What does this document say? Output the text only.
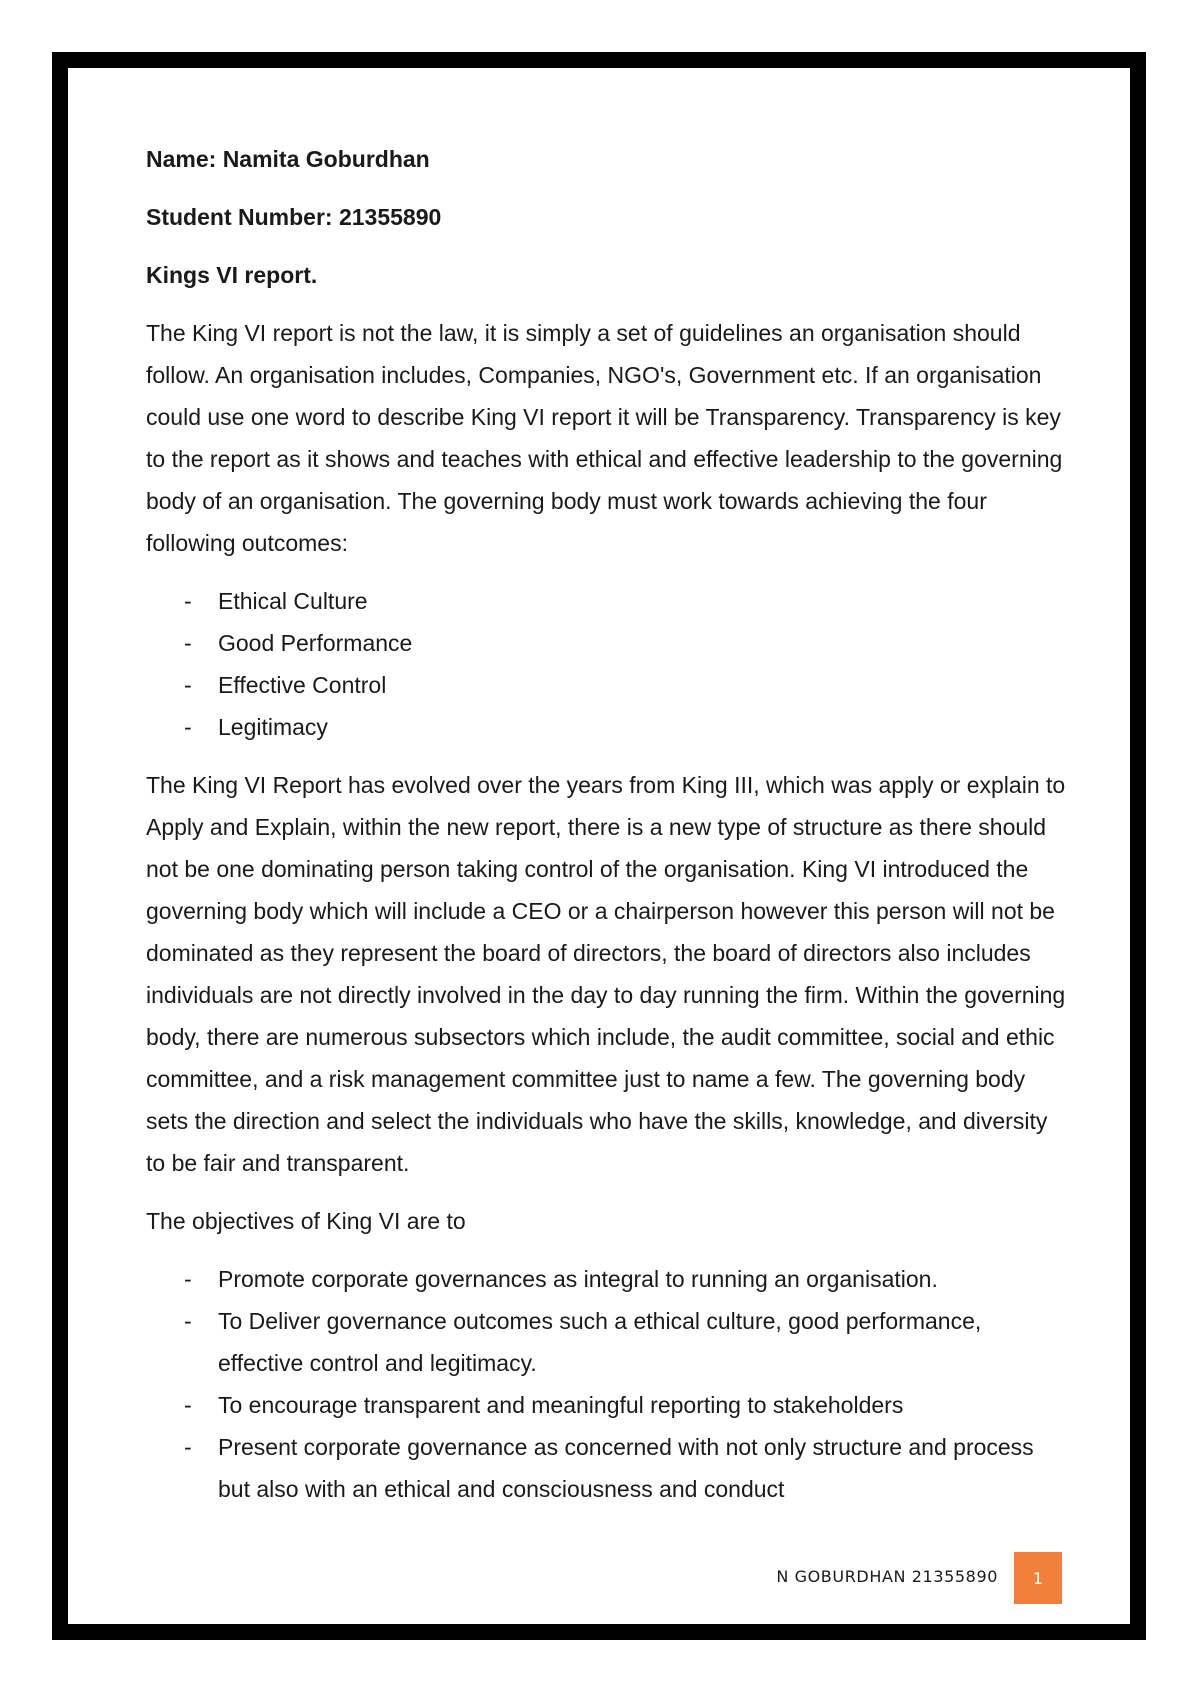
Name: Namita Goburdhan

Student Number: 21355890

Kings VI report.

The King VI report is not the law, it is simply a set of guidelines an organisation should follow. An organisation includes, Companies, NGO's, Government etc. If an organisation could use one word to describe King VI report it will be Transparency. Transparency is key to the report as it shows and teaches with ethical and effective leadership to the governing body of an organisation. The governing body must work towards achieving the four following outcomes:

- Ethical Culture
- Good Performance
- Effective Control
- Legitimacy

The King VI Report has evolved over the years from King III, which was apply or explain to Apply and Explain, within the new report, there is a new type of structure as there should not be one dominating person taking control of the organisation. King VI introduced the governing body which will include a CEO or a chairperson however this person will not be dominated as they represent the board of directors, the board of directors also includes individuals are not directly involved in the day to day running the firm. Within the governing body, there are numerous subsectors which include, the audit committee, social and ethic committee, and a risk management committee just to name a few. The governing body sets the direction and select the individuals who have the skills, knowledge, and diversity to be fair and transparent.

The objectives of King VI are to

- Promote corporate governances as integral to running an organisation.
- To Deliver governance outcomes such a ethical culture, good performance, effective control and legitimacy.
- To encourage transparent and meaningful reporting to stakeholders
- Present corporate governance as concerned with not only structure and process but also with an ethical and consciousness and conduct
N GOBURDHAN 21355890 1
